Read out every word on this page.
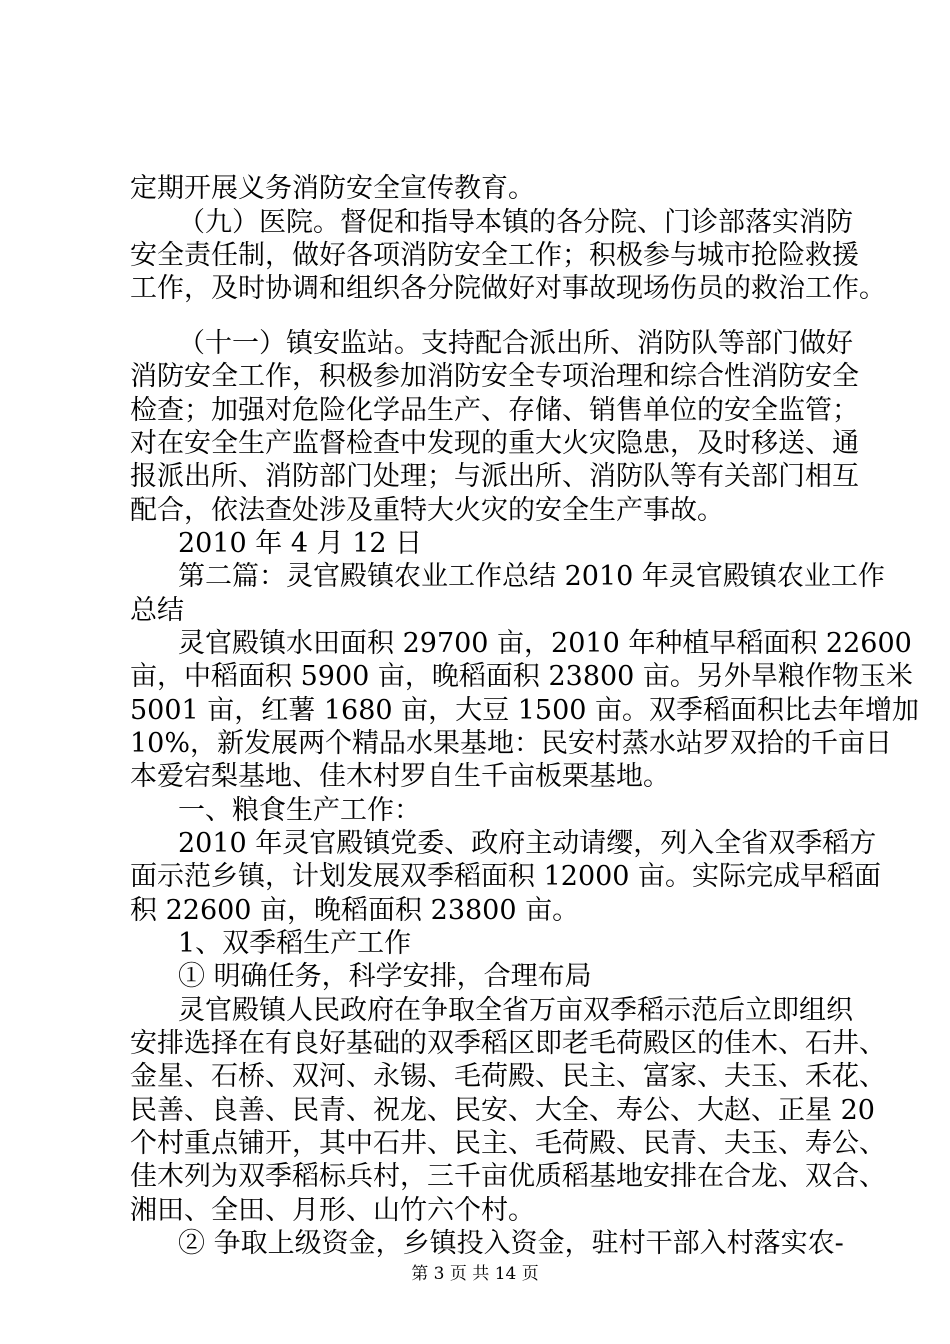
定期开展义务消防安全宣传教育。
（九）医院。督促和指导本镇的各分院、门诊部落实消防
安全责任制，做好各项消防安全工作；积极参与城市抢险救援
工作，及时协调和组织各分院做好对事故现场伤员的救治工作。
（十一）镇安监站。支持配合派出所、消防队等部门做好
消防安全工作，积极参加消防安全专项治理和综合性消防安全
检查；加强对危险化学品生产、存储、销售单位的安全监管；
对在安全生产监督检查中发现的重大火灾隐患，及时移送、通
报派出所、消防部门处理；与派出所、消防队等有关部门相互
配合，依法查处涉及重特大火灾的安全生产事故。
2010 年 4 月 12 日
第二篇：灵官殿镇农业工作总结 2010 年灵官殿镇农业工作
总结
灵官殿镇水田面积 29700 亩，2010 年种植早稻面积 22600
亩，中稻面积 5900 亩，晚稻面积 23800 亩。另外旱粮作物玉米
5001 亩，红薯 1680 亩，大豆 1500 亩。双季稻面积比去年增加
10%，新发展两个精品水果基地：民安村蒸水站罗双拾的千亩日
本爱宕梨基地、佳木村罗自生千亩板栗基地。
一、粮食生产工作：
2010 年灵官殿镇党委、政府主动请缨，列入全省双季稻方
面示范乡镇，计划发展双季稻面积 12000 亩。实际完成早稻面
积 22600 亩，晚稻面积 23800 亩。
1、双季稻生产工作
① 明确任务，科学安排，合理布局
灵官殿镇人民政府在争取全省万亩双季稻示范后立即组织
安排选择在有良好基础的双季稻区即老毛荷殿区的佳木、石井、
金星、石桥、双河、永锡、毛荷殿、民主、富家、夫玉、禾花、
民善、良善、民青、祝龙、民安、大全、寿公、大赵、正星 20
个村重点铺开，其中石井、民主、毛荷殿、民青、夫玉、寿公、
佳木列为双季稻标兵村，三千亩优质稻基地安排在合龙、双合、
湘田、全田、月形、山竹六个村。
第 3 页 共 14 页
② 争取上级资金，乡镇投入资金，驻村干部入村落实农-
